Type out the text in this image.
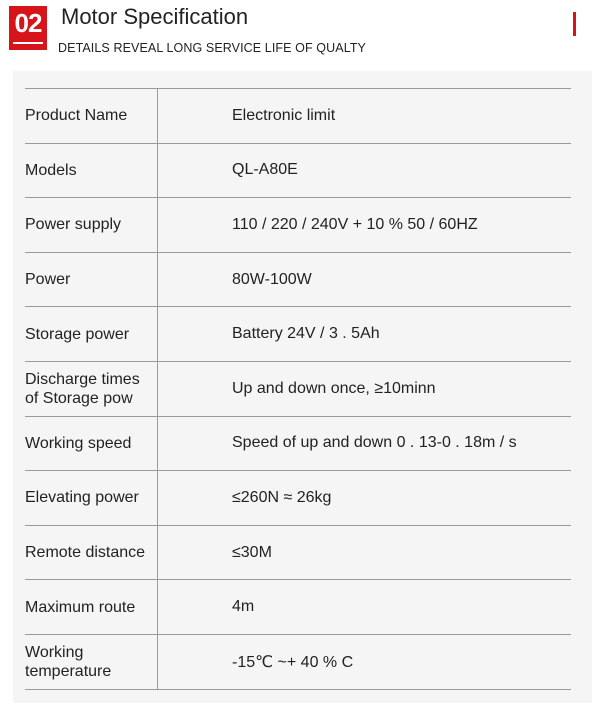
02 Motor Specification
DETAILS REVEAL LONG SERVICE LIFE OF QUALTY
Product Name	Electronic limit

Models	QL-A80E

Power supply	110 / 220 / 240V + 10 % 50 / 60HZ

Power	80W-100W

Storage power	Battery 24V / 3 . 5Ah

Discharge times of Storage pow	Up and down once, ≥10minn

Working speed	Speed of up and down 0 . 13-0 . 18m / s

Elevating power	≤260N ≈ 26kg

Remote distance	≤30M

Maximum route	4m

Working temperature	-15℃ ~+ 40 % C
